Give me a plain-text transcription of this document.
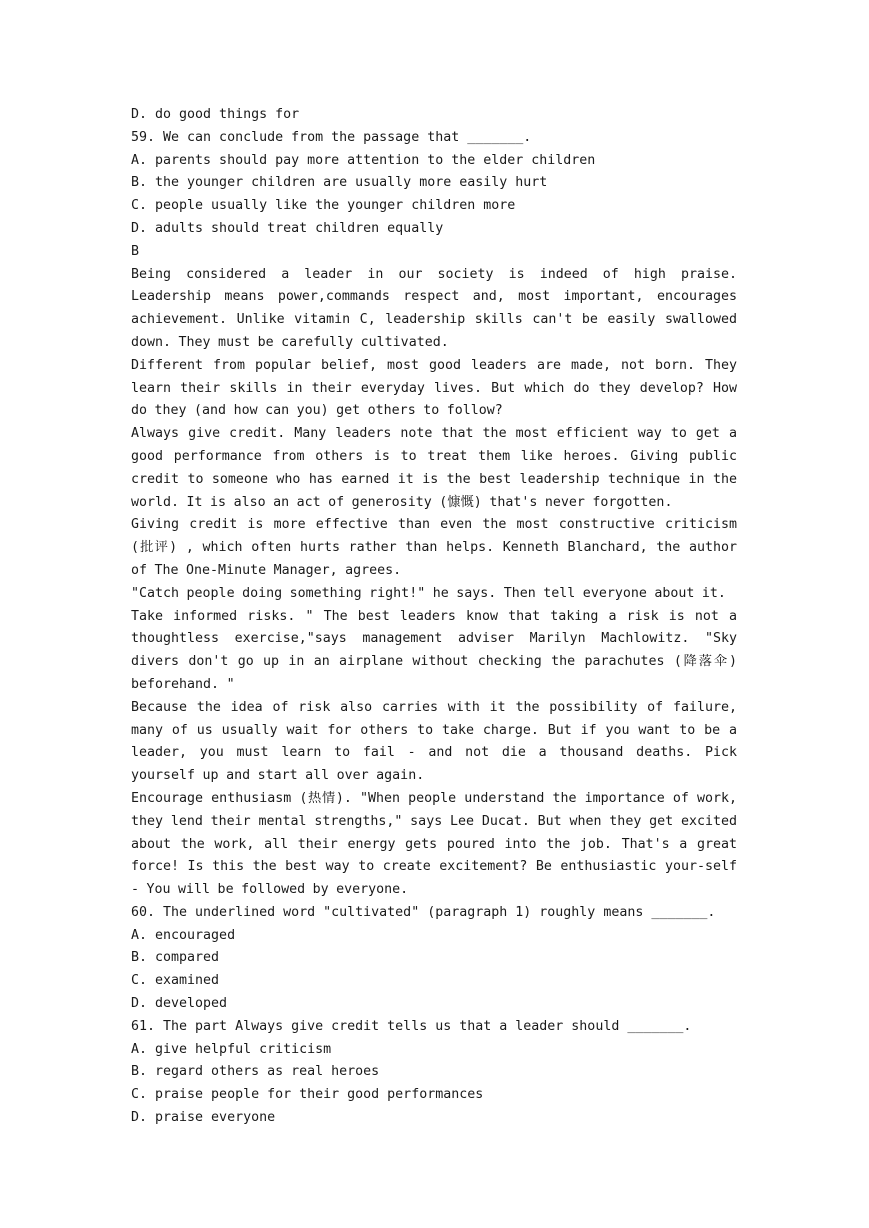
D. do good things for
59. We can conclude from the passage that _______.
A. parents should pay more attention to the elder children
B. the younger children are usually more easily hurt
C. people usually like the younger children more
D. adults should treat children equally
B
Being considered a leader in our society is indeed of high praise. Leadership means power,commands respect and, most important, encourages achievement. Unlike vitamin C, leadership skills can't be easily swallowed down. They must be carefully cultivated.
Different from popular belief, most good leaders are made, not born. They learn their skills in their everyday lives. But which do they develop? How do they (and how can you) get others to follow?
Always give credit. Many leaders note that the most efficient way to get a good performance from others is to treat them like heroes. Giving public credit to someone who has earned it is the best leadership technique in the world. It is also an act of generosity (慷慨) that's never forgotten.
Giving credit is more effective than even the most constructive criticism (批评) , which often hurts rather than helps. Kenneth Blanchard, the author of The One-Minute Manager, agrees.
"Catch people doing something right!" he says. Then tell everyone about it.
Take informed risks. " The best leaders know that taking a risk is not a thoughtless exercise,"says management adviser Marilyn Machlowitz. "Sky divers don't go up in an airplane without checking the parachutes (降落伞) beforehand. "
Because the idea of risk also carries with it the possibility of failure, many of us usually wait for others to take charge. But if you want to be a leader, you must learn to fail - and not die a thousand deaths. Pick yourself up and start all over again.
Encourage enthusiasm (热情). "When people understand the importance of work, they lend their mental strengths," says Lee Ducat. But when they get excited about the work, all their energy gets poured into the job. That's a great force! Is this the best way to create excitement? Be enthusiastic your-self - You will be followed by everyone.
60. The underlined word "cultivated" (paragraph 1) roughly means _______.
A. encouraged
B. compared
C. examined
D. developed
61. The part Always give credit tells us that a leader should _______.
A. give helpful criticism
B. regard others as real heroes
C. praise people for their good performances
D. praise everyone
